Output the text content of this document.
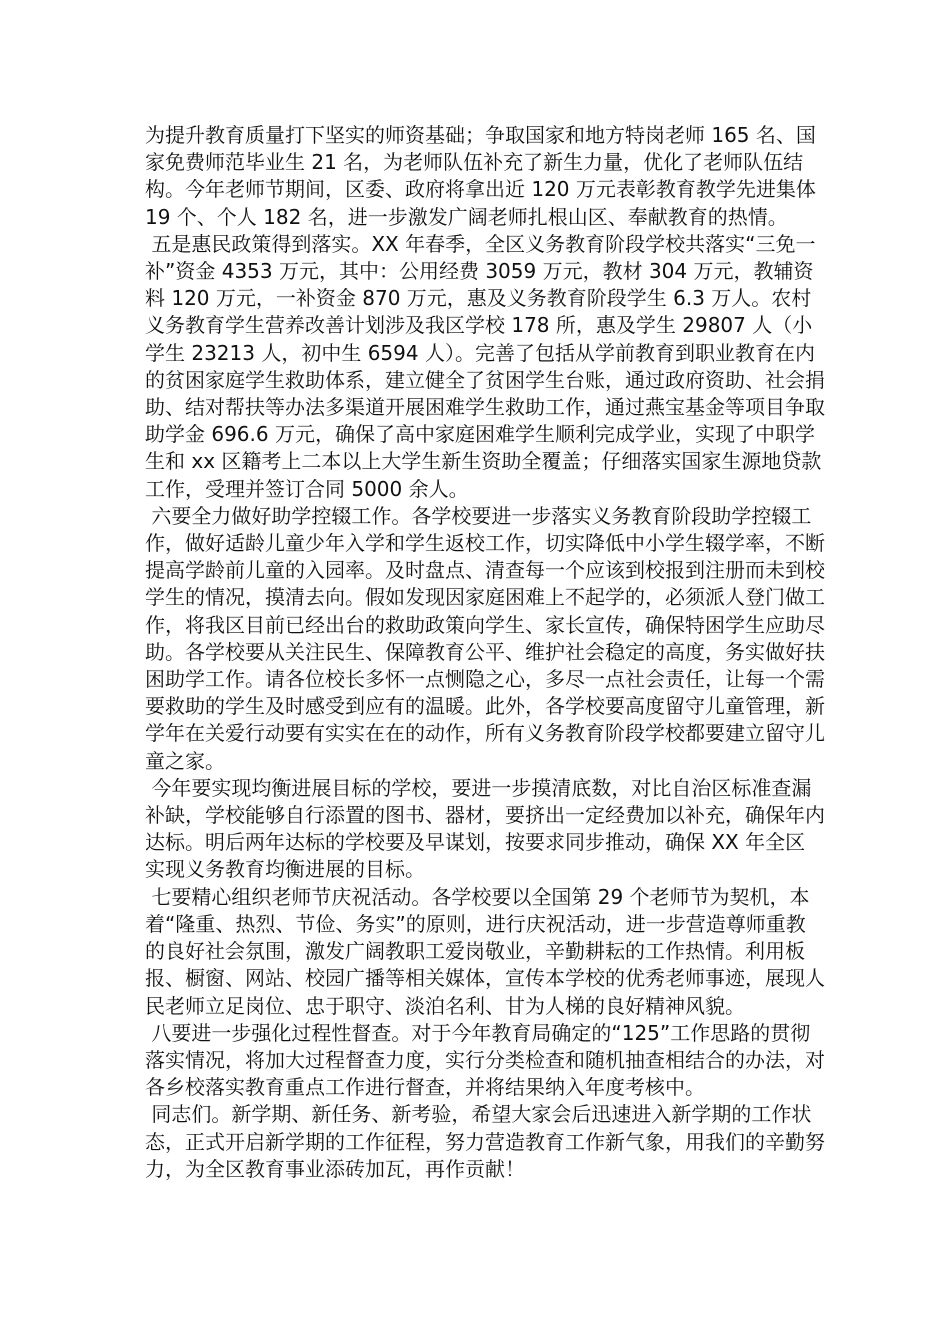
为提升教育质量打下坚实的师资基础；争取国家和地方特岗老师 165 名、国家免费师范毕业生 21 名，为老师队伍补充了新生力量，优化了老师队伍结构。今年老师节期间，区委、政府将拿出近 120 万元表彰教育教学先进集体 19 个、个人 182 名，进一步激发广阔老师扎根山区、奉献教育的热情。

五是惠民政策得到落实。XX 年春季，全区义务教育阶段学校共落实“三免一补”资金 4353 万元，其中：公用经费 3059 万元，教材 304 万元，教辅资料 120 万元，一补资金 870 万元，惠及义务教育阶段学生 6.3 万人。农村义务教育学生营养改善计划涉及我区学校 178 所，惠及学生 29807 人（小学生 23213 人，初中生 6594 人）。完善了包括从学前教育到职业教育在内的贫困家庭学生救助体系，建立健全了贫困学生台账，通过政府资助、社会捐助、结对帮扶等办法多渠道开展困难学生救助工作，通过燕宝基金等项目争取助学金 696.6 万元，确保了高中家庭困难学生顺利完成学业，实现了中职学生和 xx 区籍考上二本以上大学生新生资助全覆盖；仔细落实国家生源地贷款工作，受理并签订合同 5000 余人。

六要全力做好助学控辍工作。各学校要进一步落实义务教育阶段助学控辍工作，做好适龄儿童少年入学和学生返校工作，切实降低中小学生辍学率，不断提高学龄前儿童的入园率。及时盘点、清查每一个应该到校报到注册而未到校学生的情况，摸清去向。假如发现因家庭困难上不起学的，必须派人登门做工作，将我区目前已经出台的救助政策向学生、家长宣传，确保特困学生应助尽助。各学校要从关注民生、保障教育公平、维护社会稳定的高度，务实做好扶困助学工作。请各位校长多怀一点恻隐之心，多尽一点社会责任，让每一个需要救助的学生及时感受到应有的温暖。此外，各学校要高度留守儿童管理，新学年在关爱行动要有实实在在的动作，所有义务教育阶段学校都要建立留守儿童之家。

今年要实现均衡进展目标的学校，要进一步摸清底数，对比自治区标准查漏补缺，学校能够自行添置的图书、器材，要挤出一定经费加以补充，确保年内达标。明后两年达标的学校要及早谋划，按要求同步推动，确保 XX 年全区实现义务教育均衡进展的目标。

七要精心组织老师节庆祝活动。各学校要以全国第 29 个老师节为契机，本着“隆重、热烈、节俭、务实”的原则，进行庆祝活动，进一步营造尊师重教的良好社会氛围，激发广阔教职工爱岗敬业，辛勤耕耘的工作热情。利用板报、橱窗、网站、校园广播等相关媒体，宣传本学校的优秀老师事迹，展现人民老师立足岗位、忠于职守、淡泊名利、甘为人梯的良好精神风貌。

八要进一步强化过程性督查。对于今年教育局确定的“125”工作思路的贯彻落实情况，将加大过程督查力度，实行分类检查和随机抽查相结合的办法，对各乡校落实教育重点工作进行督查，并将结果纳入年度考核中。

同志们。新学期、新任务、新考验，希望大家会后迅速进入新学期的工作状态，正式开启新学期的工作征程，努力营造教育工作新气象，用我们的辛勤努力，为全区教育事业添砖加瓦，再作贡献！
